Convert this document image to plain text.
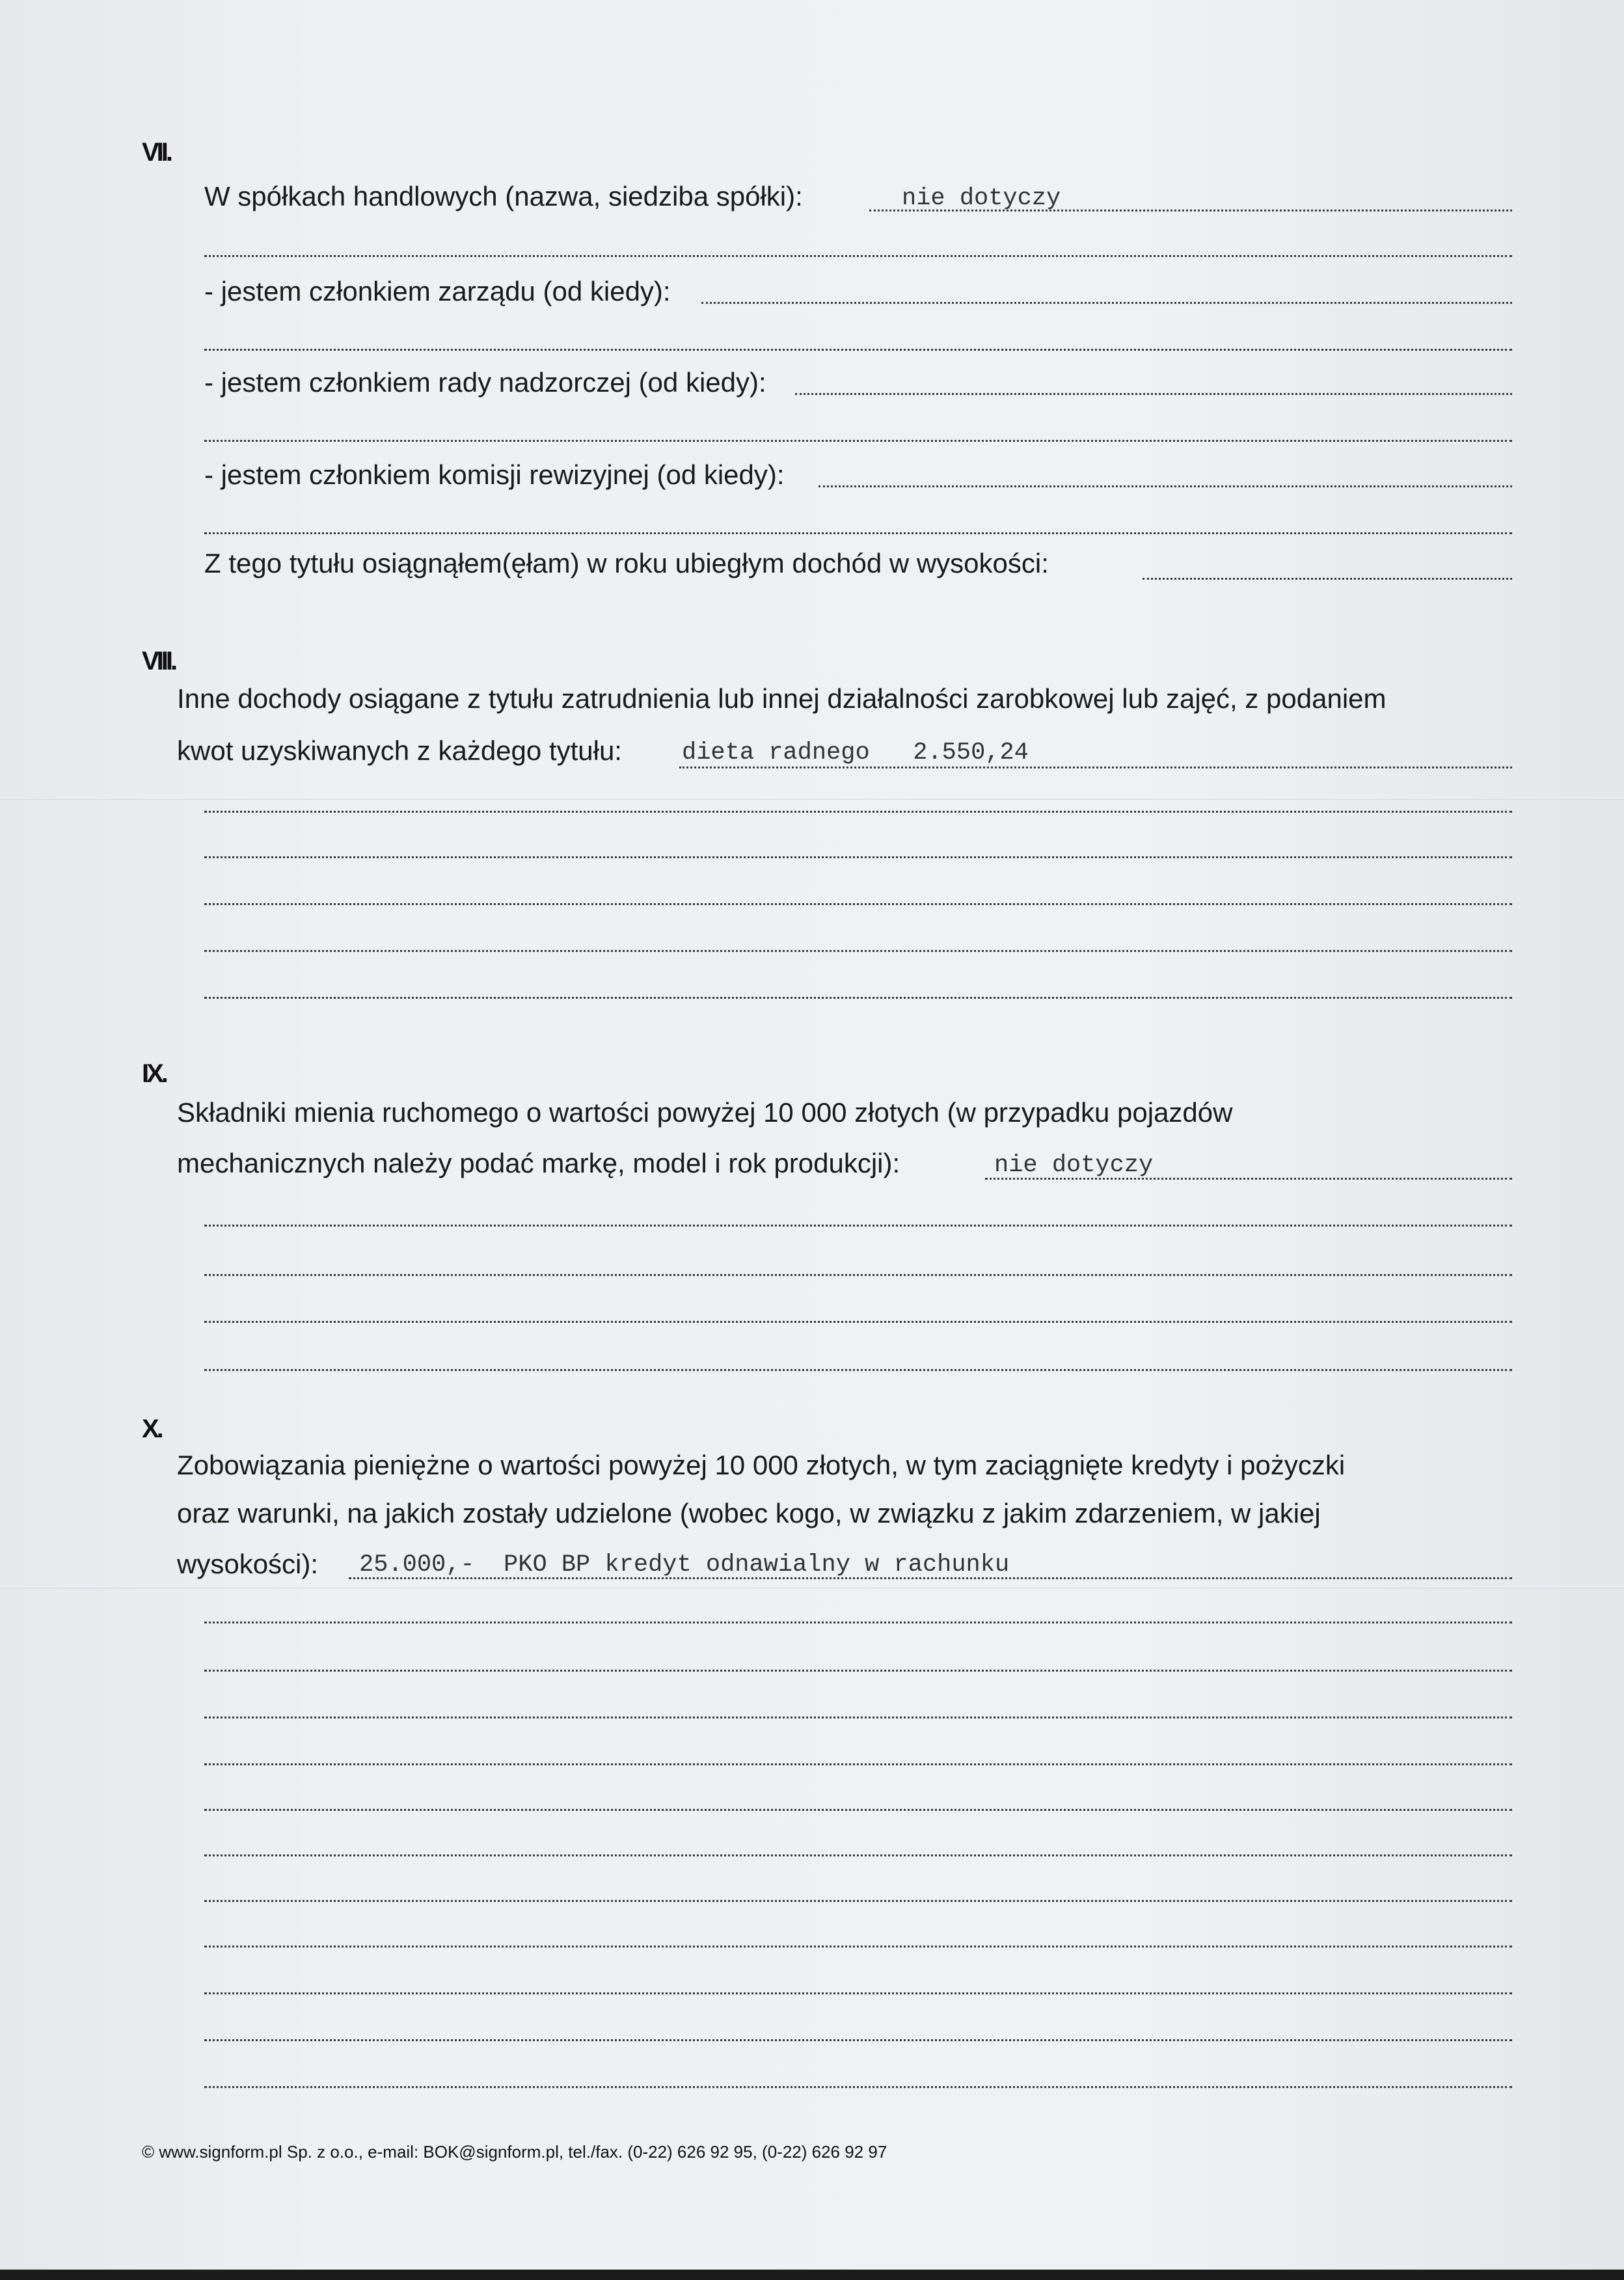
VII.
W spółkach handlowych (nazwa, siedziba spółki):	nie dotyczy
- jestem członkiem zarządu (od kiedy):
- jestem członkiem rady nadzorczej (od kiedy):
- jestem członkiem komisji rewizyjnej (od kiedy):
Z tego tytułu osiągnąłem(ęłam) w roku ubiegłym dochód w wysokości:
VIII.
Inne dochody osiągane z tytułu zatrudnienia lub innej działalności zarobkowej lub zajęć, z podaniem
kwot uzyskiwanych z każdego tytułu: dieta radnego   2.550,24
IX.
Składniki mienia ruchomego o wartości powyżej 10 000 złotych (w przypadku pojazdów
mechanicznych należy podać markę, model i rok produkcji):	nie dotyczy
X.
Zobowiązania pieniężne o wartości powyżej 10 000 złotych, w tym zaciągnięte kredyty i pożyczki
oraz warunki, na jakich zostały udzielone (wobec kogo, w związku z jakim zdarzeniem, w jakiej
wysokości): 25.000,-  PKO BP kredyt odnawialny w rachunku
© www.signform.pl Sp. z o.o., e-mail: BOK@signform.pl, tel./fax. (0-22) 626 92 95, (0-22) 626 92 97
